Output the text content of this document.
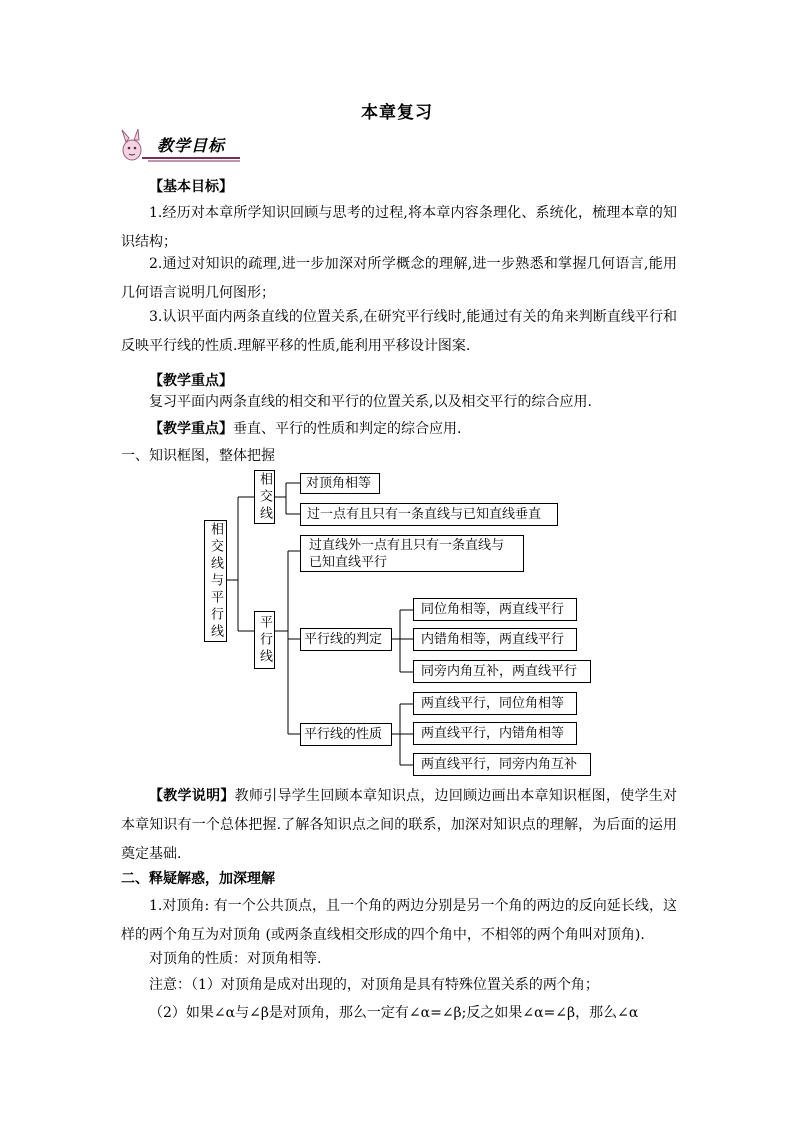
本章复习
教学目标
【基本目标】
1.经历对本章所学知识回顾与思考的过程,将本章内容条理化、系统化，梳理本章的知识结构；
2.通过对知识的疏理,进一步加深对所学概念的理解,进一步熟悉和掌握几何语言,能用几何语言说明几何图形；
3.认识平面内两条直线的位置关系,在研究平行线时,能通过有关的角来判断直线平行和反映平行线的性质.理解平移的性质,能利用平移设计图案.
【教学重点】
复习平面内两条直线的相交和平行的位置关系,以及相交平行的综合应用.
【教学重点】垂直、平行的性质和判定的综合应用.
一、知识框图，整体把握
相交线与平行线
相交线
平行线
对顶角相等
过一点有且只有一条直线与已知直线垂直
过直线外一点有且只有一条直线与
已知直线平行
平行线的判定
平行线的性质
同位角相等，两直线平行
内错角相等，两直线平行
同旁内角互补，两直线平行
两直线平行，同位角相等
两直线平行，内错角相等
两直线平行，同旁内角互补
【教学说明】教师引导学生回顾本章知识点，边回顾边画出本章知识框图，使学生对本章知识有一个总体把握.了解各知识点之间的联系，加深对知识点的理解，为后面的运用奠定基础.
二、释疑解惑，加深理解
1.对顶角: 有一个公共顶点，且一个角的两边分别是另一个角的两边的反向延长线，这样的两个角互为对顶角 (或两条直线相交形成的四个角中，不相邻的两个角叫对顶角).
对顶角的性质：对顶角相等.
注意：（1）对顶角是成对出现的，对顶角是具有特殊位置关系的两个角；
（2）如果∠α与∠β是对顶角，那么一定有∠α=∠β;反之如果∠α=∠β，那么∠α
